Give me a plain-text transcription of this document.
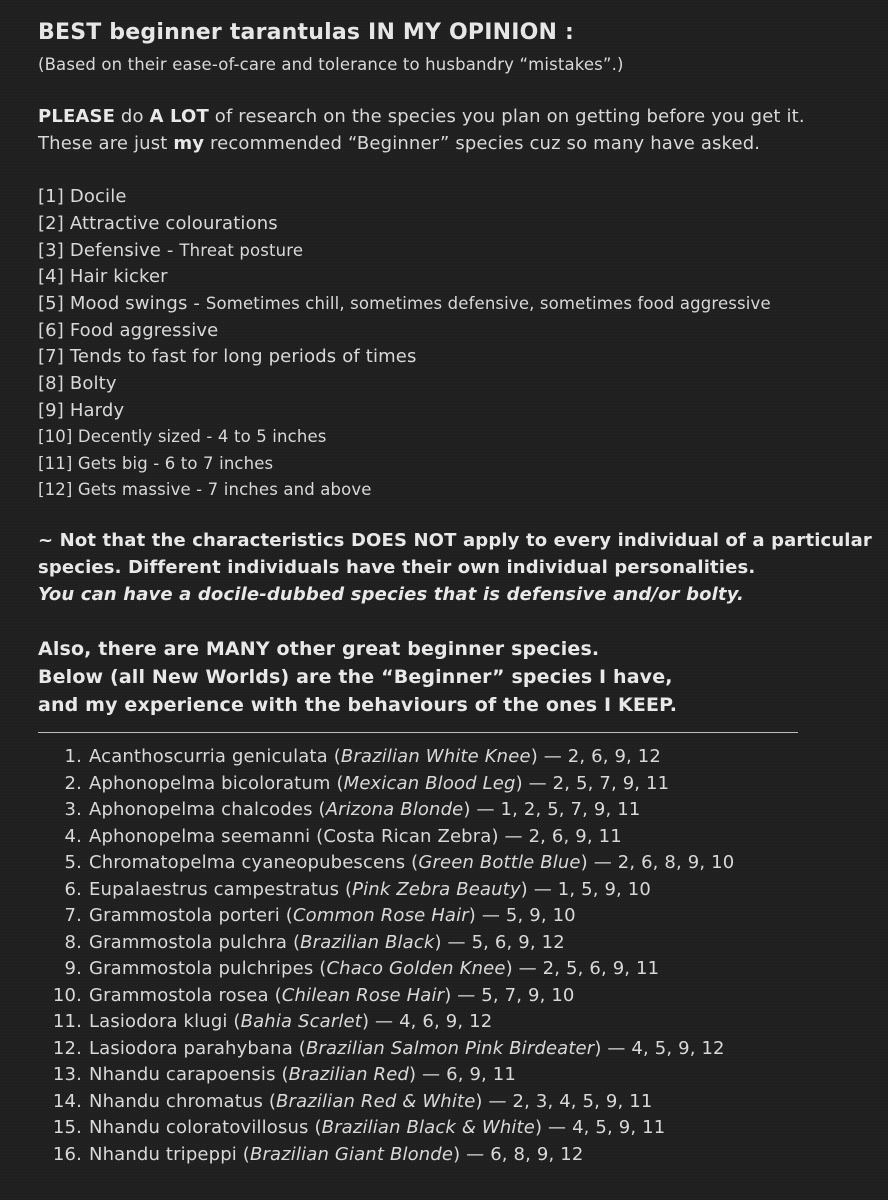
BEST beginner tarantulas IN MY OPINION :
(Based on their ease-of-care and tolerance to husbandry “mistakes”.)
PLEASE do A LOT of research on the species you plan on getting before you get it.
These are just my recommended “Beginner” species cuz so many have asked.
[1] Docile
[2] Attractive colourations
[3] Defensive - Threat posture
[4] Hair kicker
[5] Mood swings - Sometimes chill, sometimes defensive, sometimes food aggressive
[6] Food aggressive
[7] Tends to fast for long periods of times
[8] Bolty
[9] Hardy
[10] Decently sized - 4 to 5 inches
[11] Gets big - 6 to 7 inches
[12] Gets massive - 7 inches and above
~ Not that the characteristics DOES NOT apply to every individual of a particular
species. Different individuals have their own individual personalities.
You can have a docile-dubbed species that is defensive and/or bolty.
Also, there are MANY other great beginner species.
Below (all New Worlds) are the “Beginner” species I have,
and my experience with the behaviours of the ones I KEEP.
1. Acanthoscurria geniculata (Brazilian White Knee) — 2, 6, 9, 12
2. Aphonopelma bicoloratum (Mexican Blood Leg) — 2, 5, 7, 9, 11
3. Aphonopelma chalcodes (Arizona Blonde) — 1, 2, 5, 7, 9, 11
4. Aphonopelma seemanni (Costa Rican Zebra) — 2, 6, 9, 11
5. Chromatopelma cyaneopubescens (Green Bottle Blue) — 2, 6, 8, 9, 10
6. Eupalaestrus campestratus (Pink Zebra Beauty) — 1, 5, 9, 10
7. Grammostola porteri (Common Rose Hair) — 5, 9, 10
8. Grammostola pulchra (Brazilian Black) — 5, 6, 9, 12
9. Grammostola pulchripes (Chaco Golden Knee) — 2, 5, 6, 9, 11
10. Grammostola rosea (Chilean Rose Hair) — 5, 7, 9, 10
11. Lasiodora klugi (Bahia Scarlet) — 4, 6, 9, 12
12. Lasiodora parahybana (Brazilian Salmon Pink Birdeater) — 4, 5, 9, 12
13. Nhandu carapoensis (Brazilian Red) — 6, 9, 11
14. Nhandu chromatus (Brazilian Red & White) — 2, 3, 4, 5, 9, 11
15. Nhandu coloratovillosus (Brazilian Black & White) — 4, 5, 9, 11
16. Nhandu tripeppi (Brazilian Giant Blonde) — 6, 8, 9, 12
